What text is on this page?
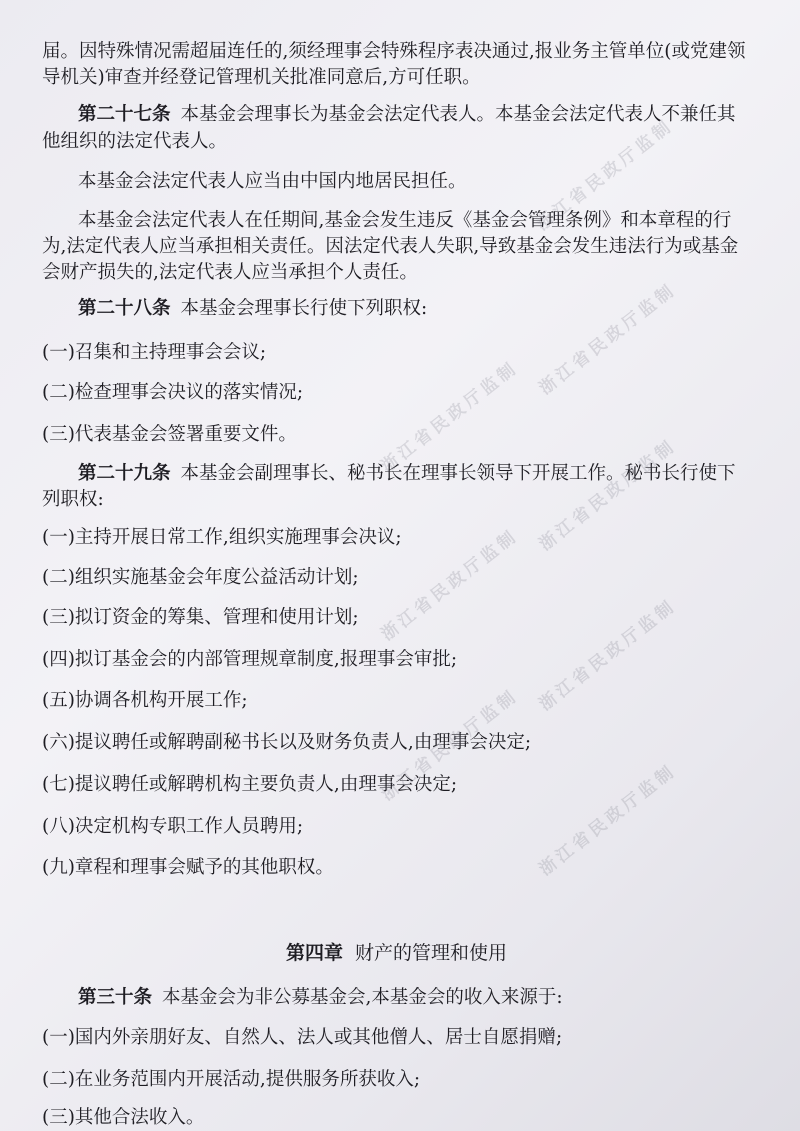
届。因特殊情况需超届连任的,须经理事会特殊程序表决通过,报业务主管单位(或党建领
导机关)审查并经登记管理机关批准同意后,方可任职。
第二十七条 本基金会理事长为基金会法定代表人。本基金会法定代表人不兼任其
他组织的法定代表人。
本基金会法定代表人应当由中国内地居民担任。
本基金会法定代表人在任期间,基金会发生违反《基金会管理条例》和本章程的行
为,法定代表人应当承担相关责任。因法定代表人失职,导致基金会发生违法行为或基金
会财产损失的,法定代表人应当承担个人责任。
第二十八条 本基金会理事长行使下列职权:
(一)召集和主持理事会会议;
(二)检查理事会决议的落实情况;
(三)代表基金会签署重要文件。
第二十九条 本基金会副理事长、秘书长在理事长领导下开展工作。秘书长行使下
列职权:
(一)主持开展日常工作,组织实施理事会决议;
(二)组织实施基金会年度公益活动计划;
(三)拟订资金的筹集、管理和使用计划;
(四)拟订基金会的内部管理规章制度,报理事会审批;
(五)协调各机构开展工作;
(六)提议聘任或解聘副秘书长以及财务负责人,由理事会决定;
(七)提议聘任或解聘机构主要负责人,由理事会决定;
(八)决定机构专职工作人员聘用;
(九)章程和理事会赋予的其他职权。
第四章 财产的管理和使用
第三十条 本基金会为非公募基金会,本基金会的收入来源于:
(一)国内外亲朋好友、自然人、法人或其他僧人、居士自愿捐赠;
(二)在业务范围内开展活动,提供服务所获收入;
(三)其他合法收入。
浙江省民政厅监制
浙江省民政厅监制
浙江省民政厅监制
浙江省民政厅监制
浙江省民政厅监制
浙江省民政厅监制
浙江省民政厅监制
浙江省民政厅监制
